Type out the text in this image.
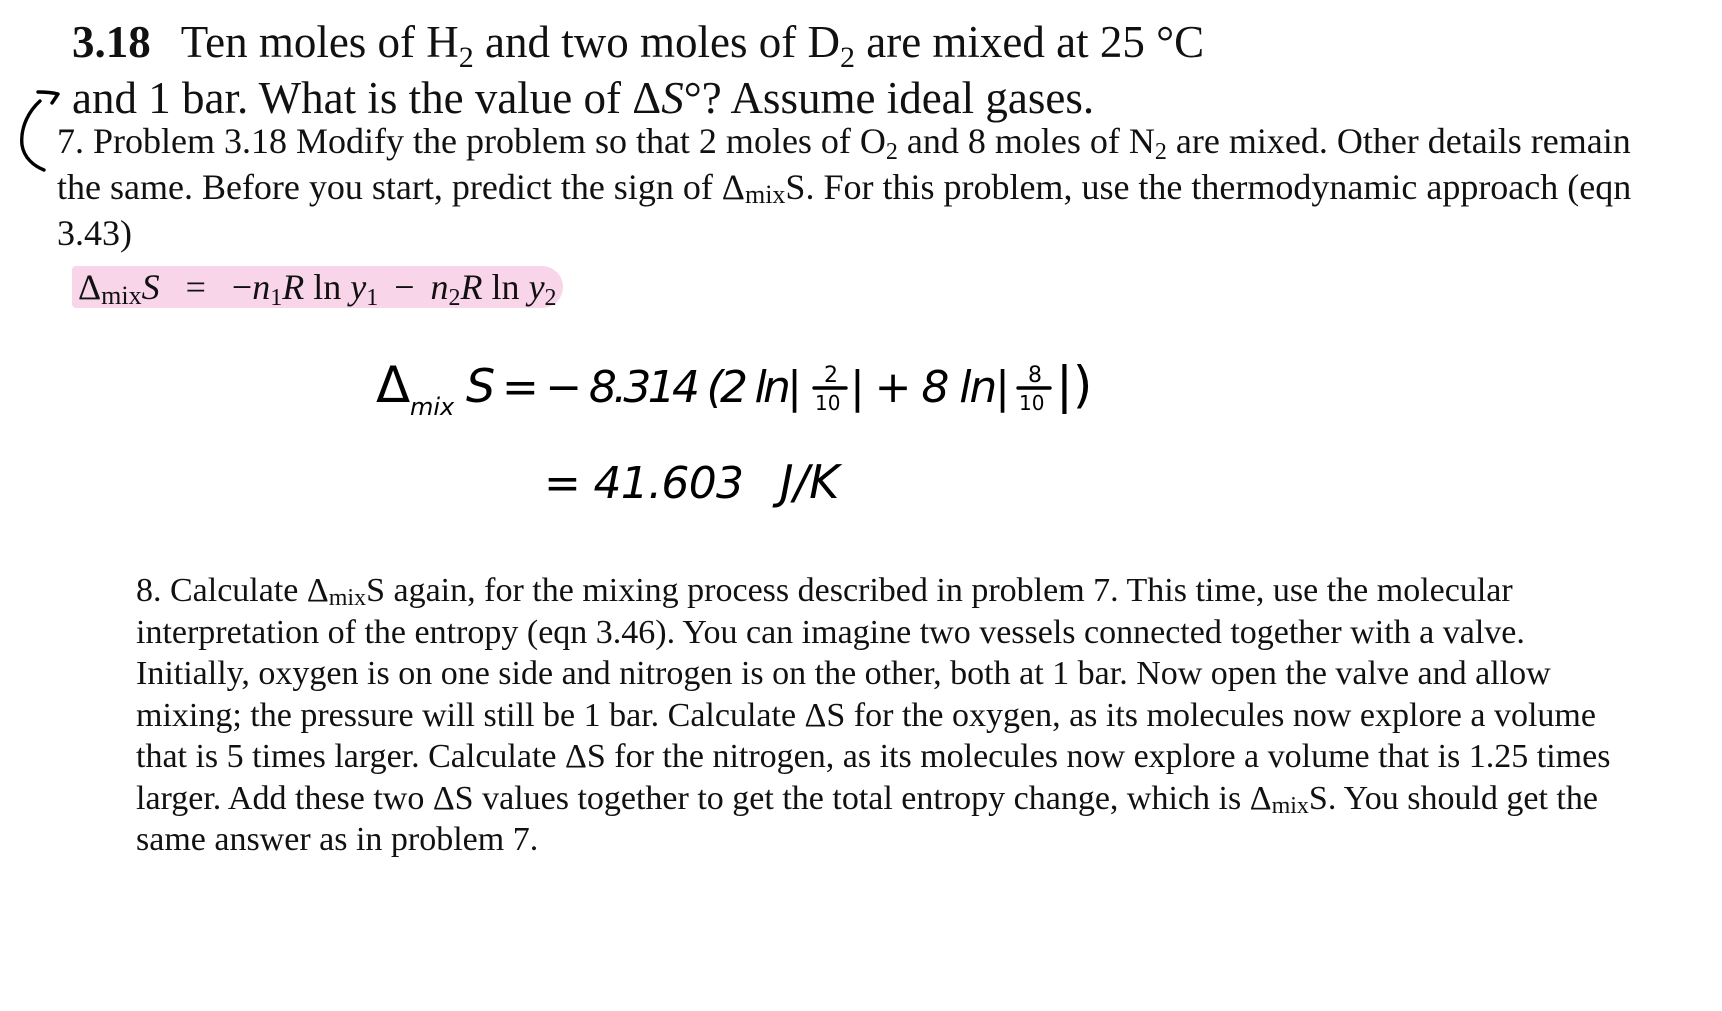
3.18 Ten moles of $H_2$ and two moles of $D_2$ are mixed at 25 °C
and 1 bar. What is the value of ΔS°? Assume ideal gases.
7. Problem 3.18 Modify the problem so that 2 moles of $O_2$ and 8 moles of $N_2$ are mixed. Other details remain the same. Before you start, predict the sign of ΔmixS. For this problem, use the thermodynamic approach (eqn 3.43)
ΔmixS = $-n_1R$ $\ln y_1 - n_2R$ $\ln y_2$
Δ mix S = − 8.314 (2 ln| 2
10 | + 8 ln| 8
10 |)
= 41.603 J/K
8. Calculate ΔmixS again, for the mixing process described in problem 7. This time, use the molecular interpretation of the entropy (eqn 3.46). You can imagine two vessels connected together with a valve. Initially, oxygen is on one side and nitrogen is on the other, both at 1 bar. Now open the valve and allow mixing; the pressure will still be 1 bar. Calculate ΔS for the oxygen, as its molecules now explore a volume that is 5 times larger. Calculate ΔS for the nitrogen, as its molecules now explore a volume that is 1.25 times larger. Add these two ΔS values together to get the total entropy change, which is ΔmixS. You should get the same answer as in problem 7.
